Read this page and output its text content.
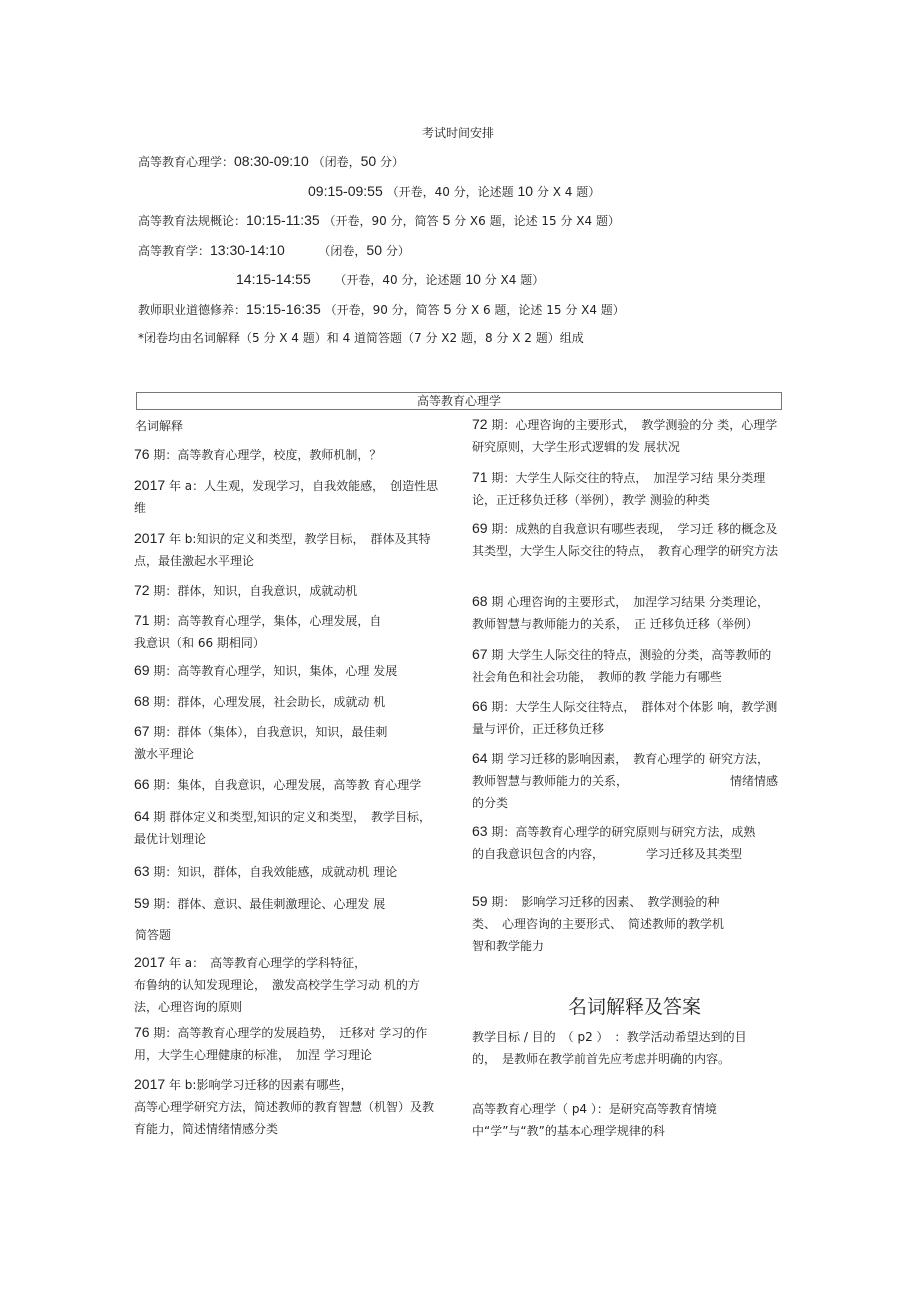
考试时间安排
高等教育心理学：08:30-09:10 （闭卷，50 分）
09:15-09:55 （开卷，40 分，论述题 10 分 X 4 题）
高等教育法规概论：10:15-11:35 （开卷，90 分，简答 5 分 X6 题，论述 15 分 X4 题）
高等教育学：13:30-14:10	（闭卷，50 分）
14:15-14:55 （开卷，40 分，论述题 10 分 X4 题）
教师职业道德修养：15:15-16:35 （开卷，90 分，简答 5 分 X 6 题，论述 15 分 X4 题）
*闭卷均由名词解释（5 分 X 4 题）和 4 道简答题（7 分 X2 题，8 分 X 2 题）组成
高等教育心理学
名词解释
76 期：高等教育心理学，校度，教师机制，？
2017 年 a：人生观，发现学习，自我效能感，　创造性思维
2017 年 b:知识的定义和类型，教学目标，　群体及其特点，最佳激起水平理论
72 期：群体，知识，自我意识，成就动机
71 期：高等教育心理学，集体，心理发展，自我意识（和 66 期相同）
69 期：高等教育心理学，知识，集体，心理 发展
68 期：群体，心理发展，社会助长，成就动 机
67 期：群体（集体），自我意识，知识，最佳刺激水平理论
66 期：集体，自我意识，心理发展，高等教 育心理学
64 期 群体定义和类型,知识的定义和类型，　教学目标，最优计划理论
63 期：知识，群体，自我效能感，成就动机 理论
59 期：群体、意识、最佳刺激理论、心理发 展
简答题
2017 年 a：　高等教育心理学的学科特征，　　　　　　布鲁纳的认知发现理论，　激发高校学生学习动 机的方法，心理咨询的原则
76 期：高等教育心理学的发展趋势，　迁移对 学习的作用，大学生心理健康的标准，　加涅 学习理论
2017 年 b:影响学习迁移的因素有哪些，　　　　　　　　高等心理学研究方法，简述教师的教育智慧（机智）及教育能力，简述情绪情感分类
72 期：心理咨询的主要形式，　教学测验的分 类，心理学研究原则，大学生形式逻辑的发 展状况
71 期：大学生人际交往的特点，　加涅学习结 果分类理论，正迁移负迁移（举例），教学 测验的种类
69 期：成熟的自我意识有哪些表现，　学习迁 移的概念及其类型，大学生人际交往的特点，　教育心理学的研究方法
68 期 心理咨询的主要形式，　加涅学习结果 分类理论，教师智慧与教师能力的关系，　正 迁移负迁移（举例）
67 期 大学生人际交往的特点，测验的分类，高等教师的社会角色和社会功能，　教师的教 学能力有哪些
66 期：大学生人际交往特点，　群体对个体影 响，教学测量与评价，正迁移负迁移
64 期 学习迁移的影响因素，　教育心理学的 研究方法，教师智慧与教师能力的关系，　　　　　　　　　情绪情感的分类
63 期：高等教育心理学的研究原则与研究方法，成熟的自我意识包含的内容，　　　　学习迁移及其类型
59 期：　影响学习迁移的因素、　教学测验的种类、　心理咨询的主要形式、　简述教师的教学机智和教学能力
名词解释及答案
教学目标 / 目的　（ p2 ）　：教学活动希望达到的目的，　是教师在教学前首先应考虑并明确的内容。
高等教育心理学（ p4 ）：是研究高等教育情境中“学”与“教”的基本心理学规律的科
